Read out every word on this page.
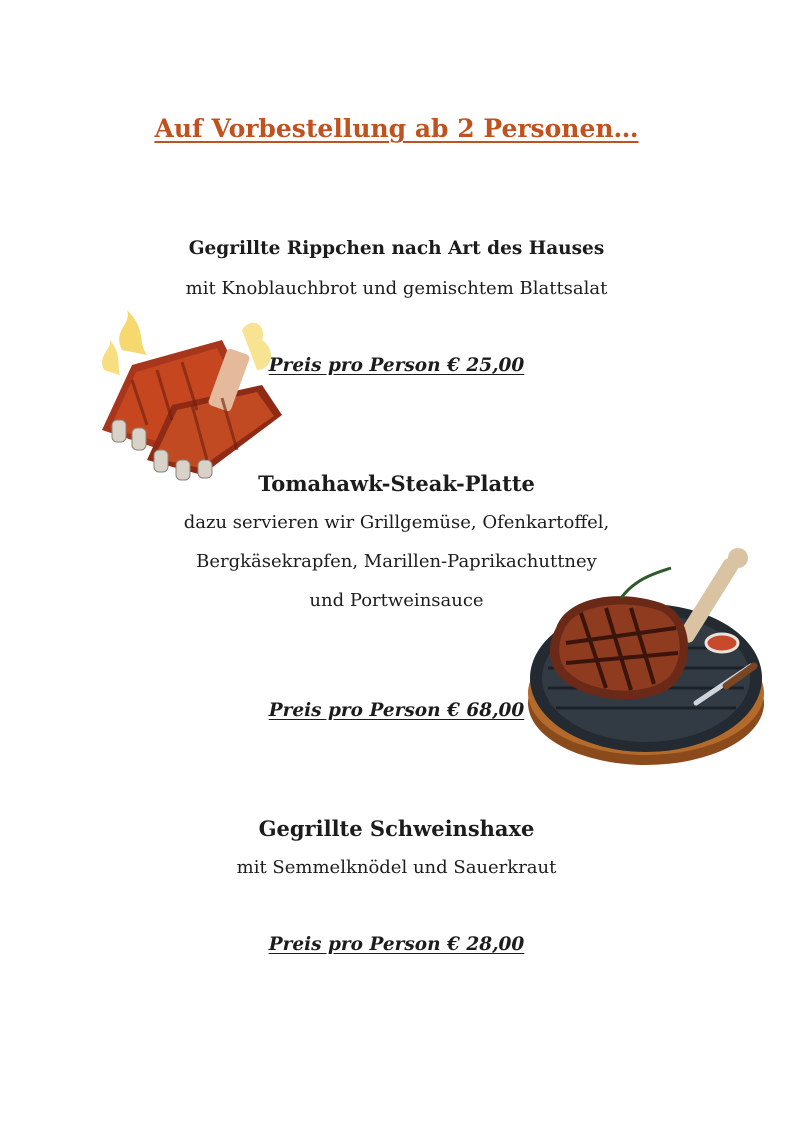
Auf Vorbestellung ab 2 Personen…

Gegrillte Rippchen nach Art des Hauses

mit Knoblauchbrot und gemischtem Blattsalat

Preis pro Person € 25,00

Tomahawk-Steak-Platte

dazu servieren wir Grillgemüse, Ofenkartoffel,

Bergkäsekrapfen, Marillen-Paprikachuttney

und Portweinsauce

Preis pro Person € 68,00

Gegrillte Schweinshaxe

mit Semmelknödel und Sauerkraut

Preis pro Person € 28,00
